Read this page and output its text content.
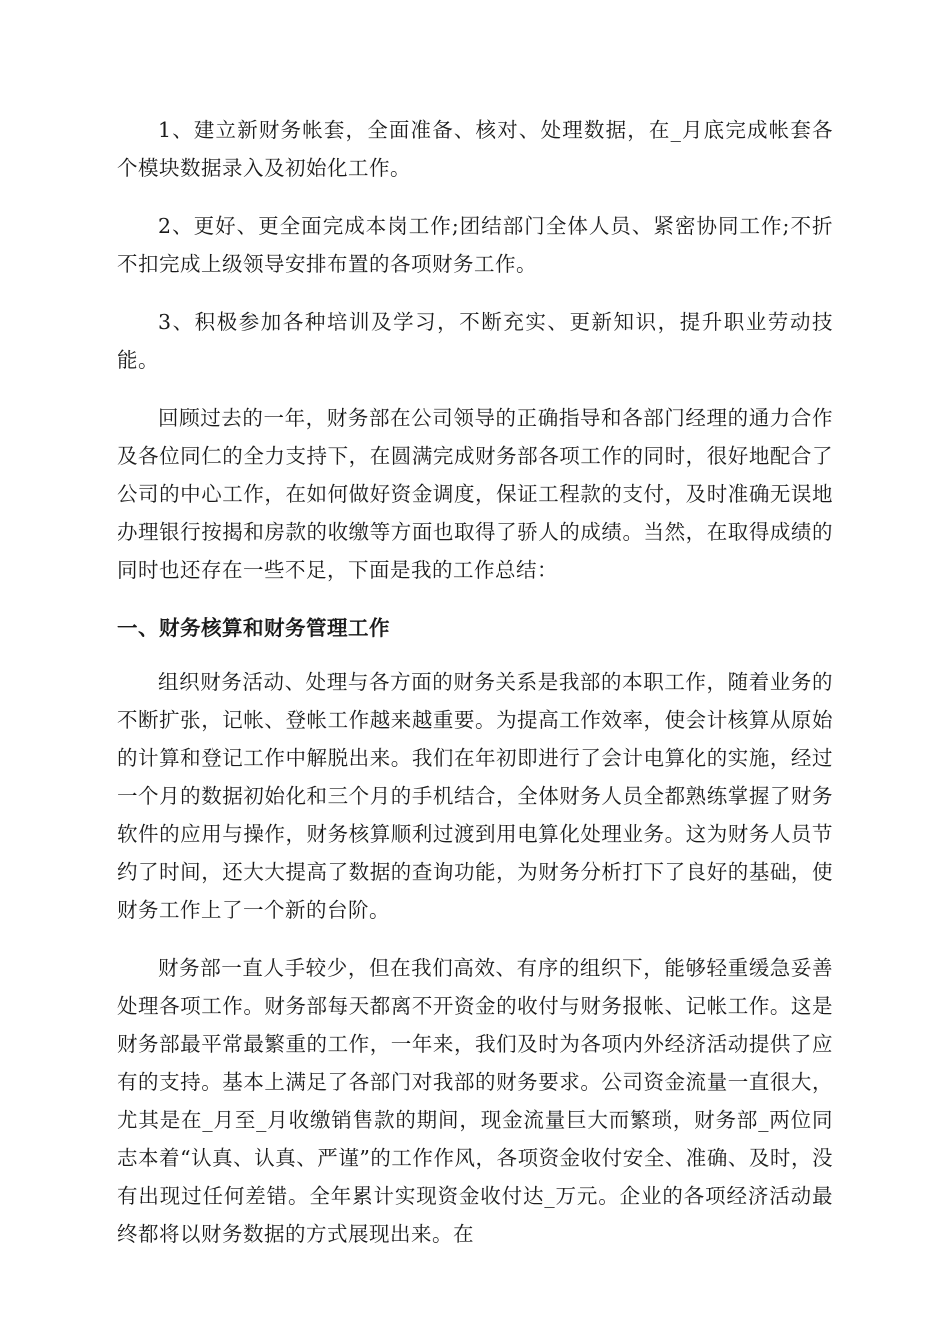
1、建立新财务帐套，全面准备、核对、处理数据，在_月底完成帐套各个模块数据录入及初始化工作。

2、更好、更全面完成本岗工作;团结部门全体人员、紧密协同工作;不折不扣完成上级领导安排布置的各项财务工作。

3、积极参加各种培训及学习，不断充实、更新知识，提升职业劳动技能。

回顾过去的一年，财务部在公司领导的正确指导和各部门经理的通力合作及各位同仁的全力支持下，在圆满完成财务部各项工作的同时，很好地配合了公司的中心工作，在如何做好资金调度，保证工程款的支付，及时准确无误地办理银行按揭和房款的收缴等方面也取得了骄人的成绩。当然，在取得成绩的同时也还存在一些不足，下面是我的工作总结：

一、财务核算和财务管理工作

组织财务活动、处理与各方面的财务关系是我部的本职工作，随着业务的不断扩张，记帐、登帐工作越来越重要。为提高工作效率，使会计核算从原始的计算和登记工作中解脱出来。我们在年初即进行了会计电算化的实施，经过一个月的数据初始化和三个月的手机结合，全体财务人员全都熟练掌握了财务软件的应用与操作，财务核算顺利过渡到用电算化处理业务。这为财务人员节约了时间，还大大提高了数据的查询功能，为财务分析打下了良好的基础，使财务工作上了一个新的台阶。

财务部一直人手较少，但在我们高效、有序的组织下，能够轻重缓急妥善处理各项工作。财务部每天都离不开资金的收付与财务报帐、记帐工作。这是财务部最平常最繁重的工作，一年来，我们及时为各项内外经济活动提供了应有的支持。基本上满足了各部门对我部的财务要求。公司资金流量一直很大，尤其是在_月至_月收缴销售款的期间，现金流量巨大而繁琐，财务部_两位同志本着“认真、认真、严谨”的工作作风，各项资金收付安全、准确、及时，没有出现过任何差错。全年累计实现资金收付达_万元。企业的各项经济活动最终都将以财务数据的方式展现出来。在
